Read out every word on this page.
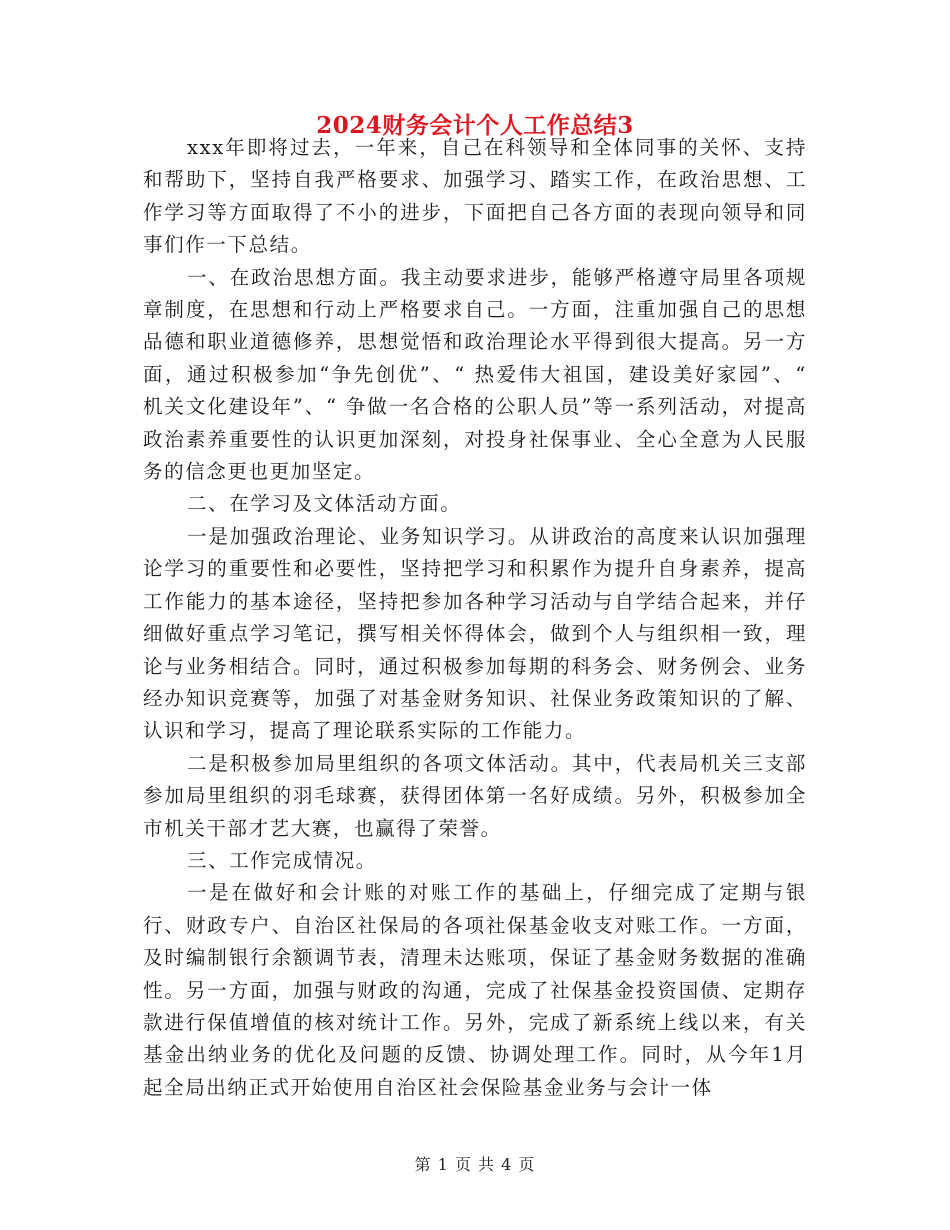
2024财务会计个人工作总结3

xxx年即将过去，一年来，自己在科领导和全体同事的关怀、支持和帮助下，坚持自我严格要求、加强学习、踏实工作，在政治思想、工作学习等方面取得了不小的进步，下面把自己各方面的表现向领导和同事们作一下总结。

一、在政治思想方面。我主动要求进步，能够严格遵守局里各项规章制度，在思想和行动上严格要求自己。一方面，注重加强自己的思想品德和职业道德修养，思想觉悟和政治理论水平得到很大提高。另一方面，通过积极参加“争先创优”、“ 热爱伟大祖国，建设美好家园”、“ 机关文化建设年”、“ 争做一名合格的公职人员”等一系列活动，对提高政治素养重要性的认识更加深刻，对投身社保事业、全心全意为人民服务的信念更也更加坚定。

二、在学习及文体活动方面。

一是加强政治理论、业务知识学习。从讲政治的高度来认识加强理论学习的重要性和必要性，坚持把学习和积累作为提升自身素养，提高工作能力的基本途径，坚持把参加各种学习活动与自学结合起来，并仔细做好重点学习笔记，撰写相关怀得体会，做到个人与组织相一致，理论与业务相结合。同时，通过积极参加每期的科务会、财务例会、业务经办知识竞赛等，加强了对基金财务知识、社保业务政策知识的了解、认识和学习，提高了理论联系实际的工作能力。

二是积极参加局里组织的各项文体活动。其中，代表局机关三支部参加局里组织的羽毛球赛，获得团体第一名好成绩。另外，积极参加全市机关干部才艺大赛，也赢得了荣誉。

三、工作完成情况。

一是在做好和会计账的对账工作的基础上，仔细完成了定期与银行、财政专户、自治区社保局的各项社保基金收支对账工作。一方面，及时编制银行余额调节表，清理未达账项，保证了基金财务数据的准确性。另一方面，加强与财政的沟通，完成了社保基金投资国债、定期存款进行保值增值的核对统计工作。另外，完成了新系统上线以来，有关基金出纳业务的优化及问题的反馈、协调处理工作。同时，从今年1月起全局出纳正式开始使用自治区社会保险基金业务与会计一体

第 1 页 共 4 页
